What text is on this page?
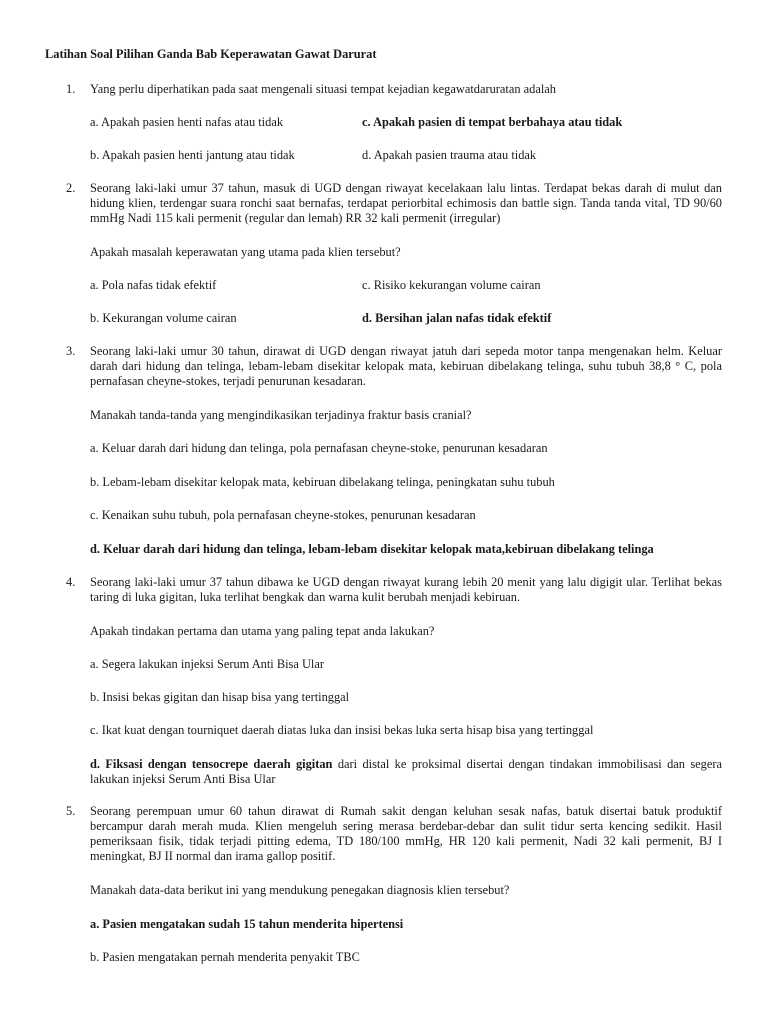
Latihan Soal Pilihan Ganda Bab Keperawatan Gawat Darurat
1. Yang perlu diperhatikan pada saat mengenali situasi tempat kejadian kegawatdaruratan adalah
a. Apakah pasien henti nafas atau tidak	c. Apakah pasien di tempat berbahaya atau tidak
b. Apakah pasien henti jantung atau tidak	d. Apakah pasien trauma atau tidak
2. Seorang laki-laki umur 37 tahun, masuk di UGD dengan riwayat kecelakaan lalu lintas. Terdapat bekas darah di mulut dan hidung klien, terdengar suara ronchi saat bernafas, terdapat periorbital echimosis dan battle sign. Tanda tanda vital, TD 90/60 mmHg Nadi 115 kali permenit (regular dan lemah) RR 32 kali permenit (irregular)
Apakah masalah keperawatan yang utama pada klien tersebut?
a. Pola nafas tidak efektif	c. Risiko kekurangan volume cairan
b. Kekurangan volume cairan	d. Bersihan jalan nafas tidak efektif
3. Seorang laki-laki umur 30 tahun, dirawat di UGD dengan riwayat jatuh dari sepeda motor tanpa mengenakan helm. Keluar darah dari hidung dan telinga, lebam-lebam disekitar kelopak mata, kebiruan dibelakang telinga, suhu tubuh 38,8 ° C, pola pernafasan cheyne-stokes, terjadi penurunan kesadaran.
Manakah tanda-tanda yang mengindikasikan terjadinya fraktur basis cranial?
a. Keluar darah dari hidung dan telinga, pola pernafasan cheyne-stoke, penurunan kesadaran
b. Lebam-lebam disekitar kelopak mata, kebiruan dibelakang telinga, peningkatan suhu tubuh
c. Kenaikan suhu tubuh, pola pernafasan cheyne-stokes, penurunan kesadaran
d. Keluar darah dari hidung dan telinga, lebam-lebam disekitar kelopak mata,kebiruan dibelakang telinga
4. Seorang laki-laki umur 37 tahun dibawa ke UGD dengan riwayat kurang lebih 20 menit yang lalu digigit ular. Terlihat bekas taring di luka gigitan, luka terlihat bengkak dan warna kulit berubah menjadi kebiruan.
Apakah tindakan pertama dan utama yang paling tepat anda lakukan?
a. Segera lakukan injeksi Serum Anti Bisa Ular
b. Insisi bekas gigitan dan hisap bisa yang tertinggal
c. Ikat kuat dengan tourniquet daerah diatas luka dan insisi bekas luka serta hisap bisa yang tertinggal
d. Fiksasi dengan tensocrepe daerah gigitan dari distal ke proksimal disertai dengan tindakan immobilisasi dan segera lakukan injeksi Serum Anti Bisa Ular
5. Seorang perempuan umur 60 tahun dirawat di Rumah sakit dengan keluhan sesak nafas, batuk disertai batuk produktif bercampur darah merah muda. Klien mengeluh sering merasa berdebar-debar dan sulit tidur serta kencing sedikit. Hasil pemeriksaan fisik, tidak terjadi pitting edema, TD 180/100 mmHg, HR 120 kali permenit, Nadi 32 kali permenit, BJ I meningkat, BJ II normal dan irama gallop positif.
Manakah data-data berikut ini yang mendukung penegakan diagnosis klien tersebut?
a. Pasien mengatakan sudah 15 tahun menderita hipertensi
b. Pasien mengatakan pernah menderita penyakit TBC
